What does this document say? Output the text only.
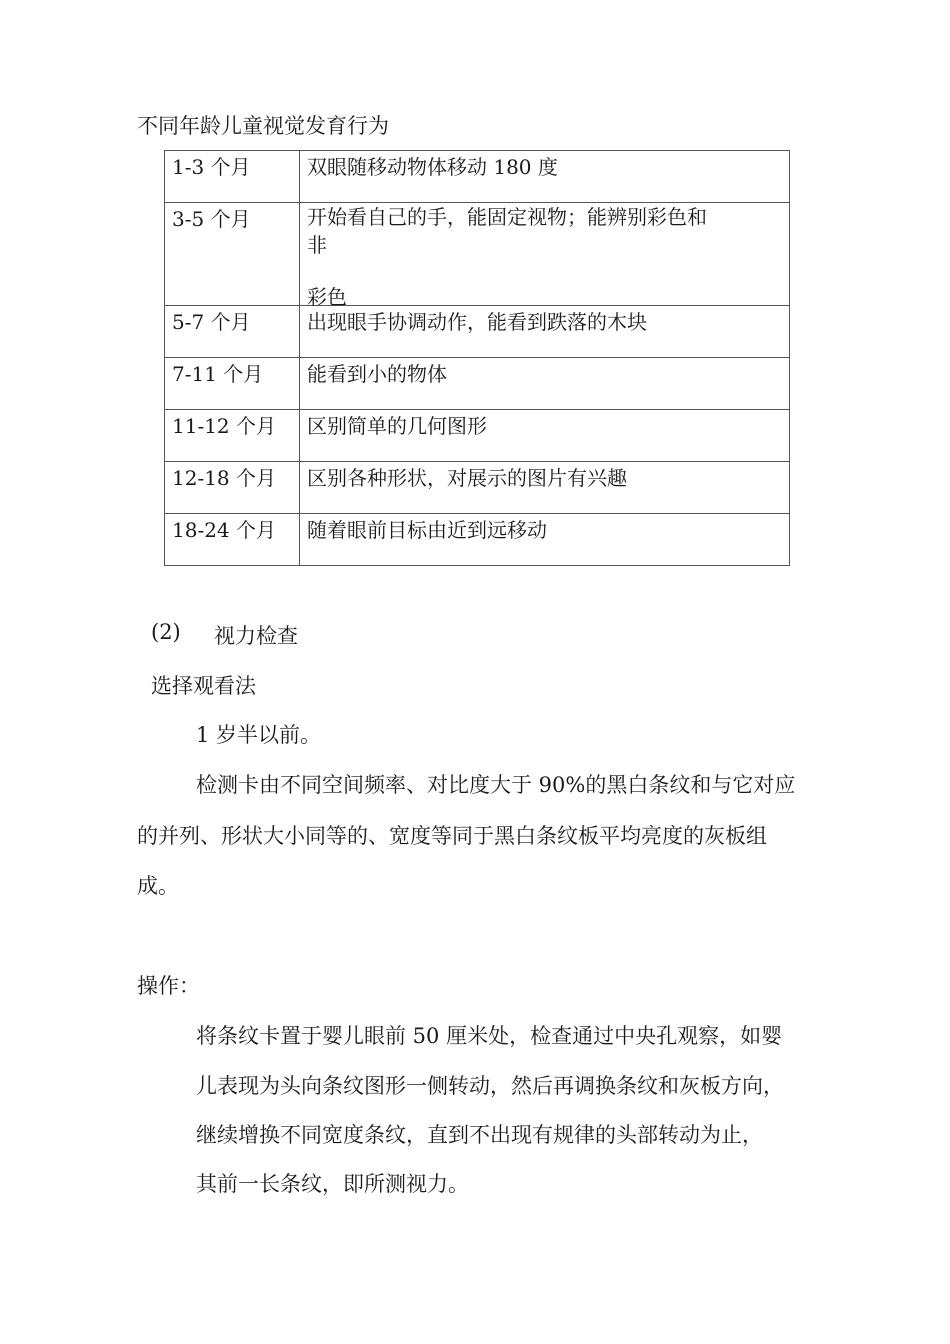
不同年龄儿童视觉发育行为
1-3 个月	双眼随移动物体移动 180 度
3-5 个月	开始看自己的手，能固定视物；能辨别彩色和
非
彩色

5-7 个月	出现眼手协调动作，能看到跌落的木块
7-11 个月	能看到小的物体
11-12 个月	区别简单的几何图形
12-18 个月	区别各种形状，对展示的图片有兴趣
18-24 个月	随着眼前目标由近到远移动
(2) 视力检查
选择观看法
1 岁半以前。
检测卡由不同空间频率、对比度大于 90%的黑白条纹和与它对应
的并列、形状大小同等的、宽度等同于黑白条纹板平均亮度的灰板组
成。
操作：
将条纹卡置于婴儿眼前 50 厘米处，检查通过中央孔观察，如婴
儿表现为头向条纹图形一侧转动，然后再调换条纹和灰板方向，
继续增换不同宽度条纹，直到不出现有规律的头部转动为止，
其前一长条纹，即所测视力。
